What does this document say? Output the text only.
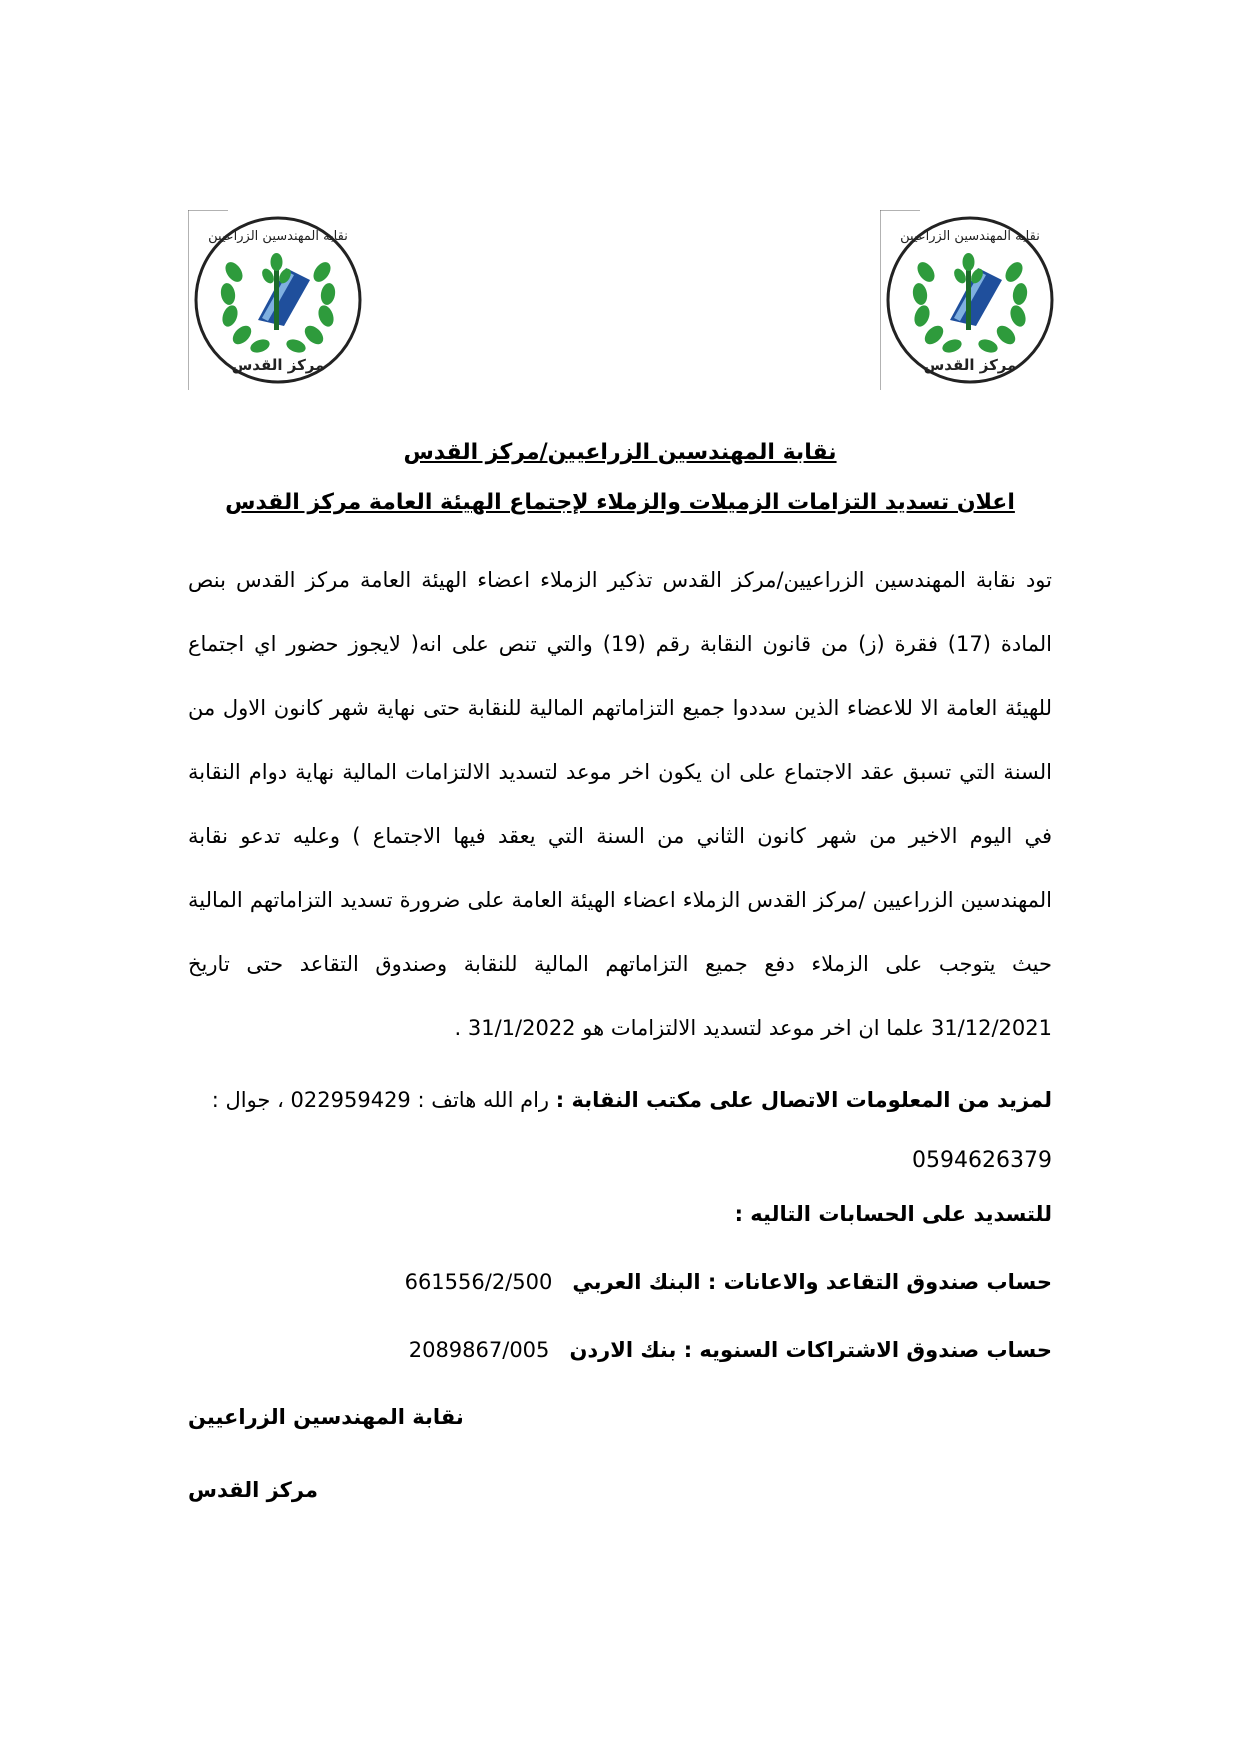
نقابة المهندسين الزراعيين
مركز القدس
نقابة المهندسين الزراعيين
مركز القدس
نقابة المهندسين الزراعيين/مركز القدس
اعلان تسديد التزامات الزميلات والزملاء لإجتماع الهيئة العامة مركز القدس
تود نقابة المهندسين الزراعيين/مركز القدس تذكير الزملاء اعضاء الهيئة العامة مركز القدس بنص المادة (17) فقرة (ز) من قانون النقابة رقم (19) والتي تنص على انه( لايجوز حضور اي اجتماع للهيئة العامة الا للاعضاء الذين سددوا جميع التزاماتهم المالية للنقابة حتى نهاية شهر كانون الاول من السنة التي تسبق عقد الاجتماع على ان يكون اخر موعد لتسديد الالتزامات المالية نهاية دوام النقابة في اليوم الاخير من شهر كانون الثاني من السنة التي يعقد فيها الاجتماع ) وعليه تدعو نقابة المهندسين الزراعيين /مركز القدس الزملاء اعضاء الهيئة العامة على ضرورة تسديد التزاماتهم المالية حيث يتوجب على الزملاء دفع جميع التزاماتهم المالية للنقابة وصندوق التقاعد حتى تاريخ 31/12/2021 علما ان اخر موعد لتسديد الالتزامات هو 31/1/2022 .
لمزيد من المعلومات الاتصال على مكتب النقابة : رام الله هاتف : 022959429 ، جوال :
0594626379
للتسديد على الحسابات التاليه :
حساب صندوق التقاعد والاعانات : البنك العربي   661556/2/500
حساب صندوق الاشتراكات السنويه : بنك الاردن   2089867/005
نقابة المهندسين الزراعيين
مركز القدس
